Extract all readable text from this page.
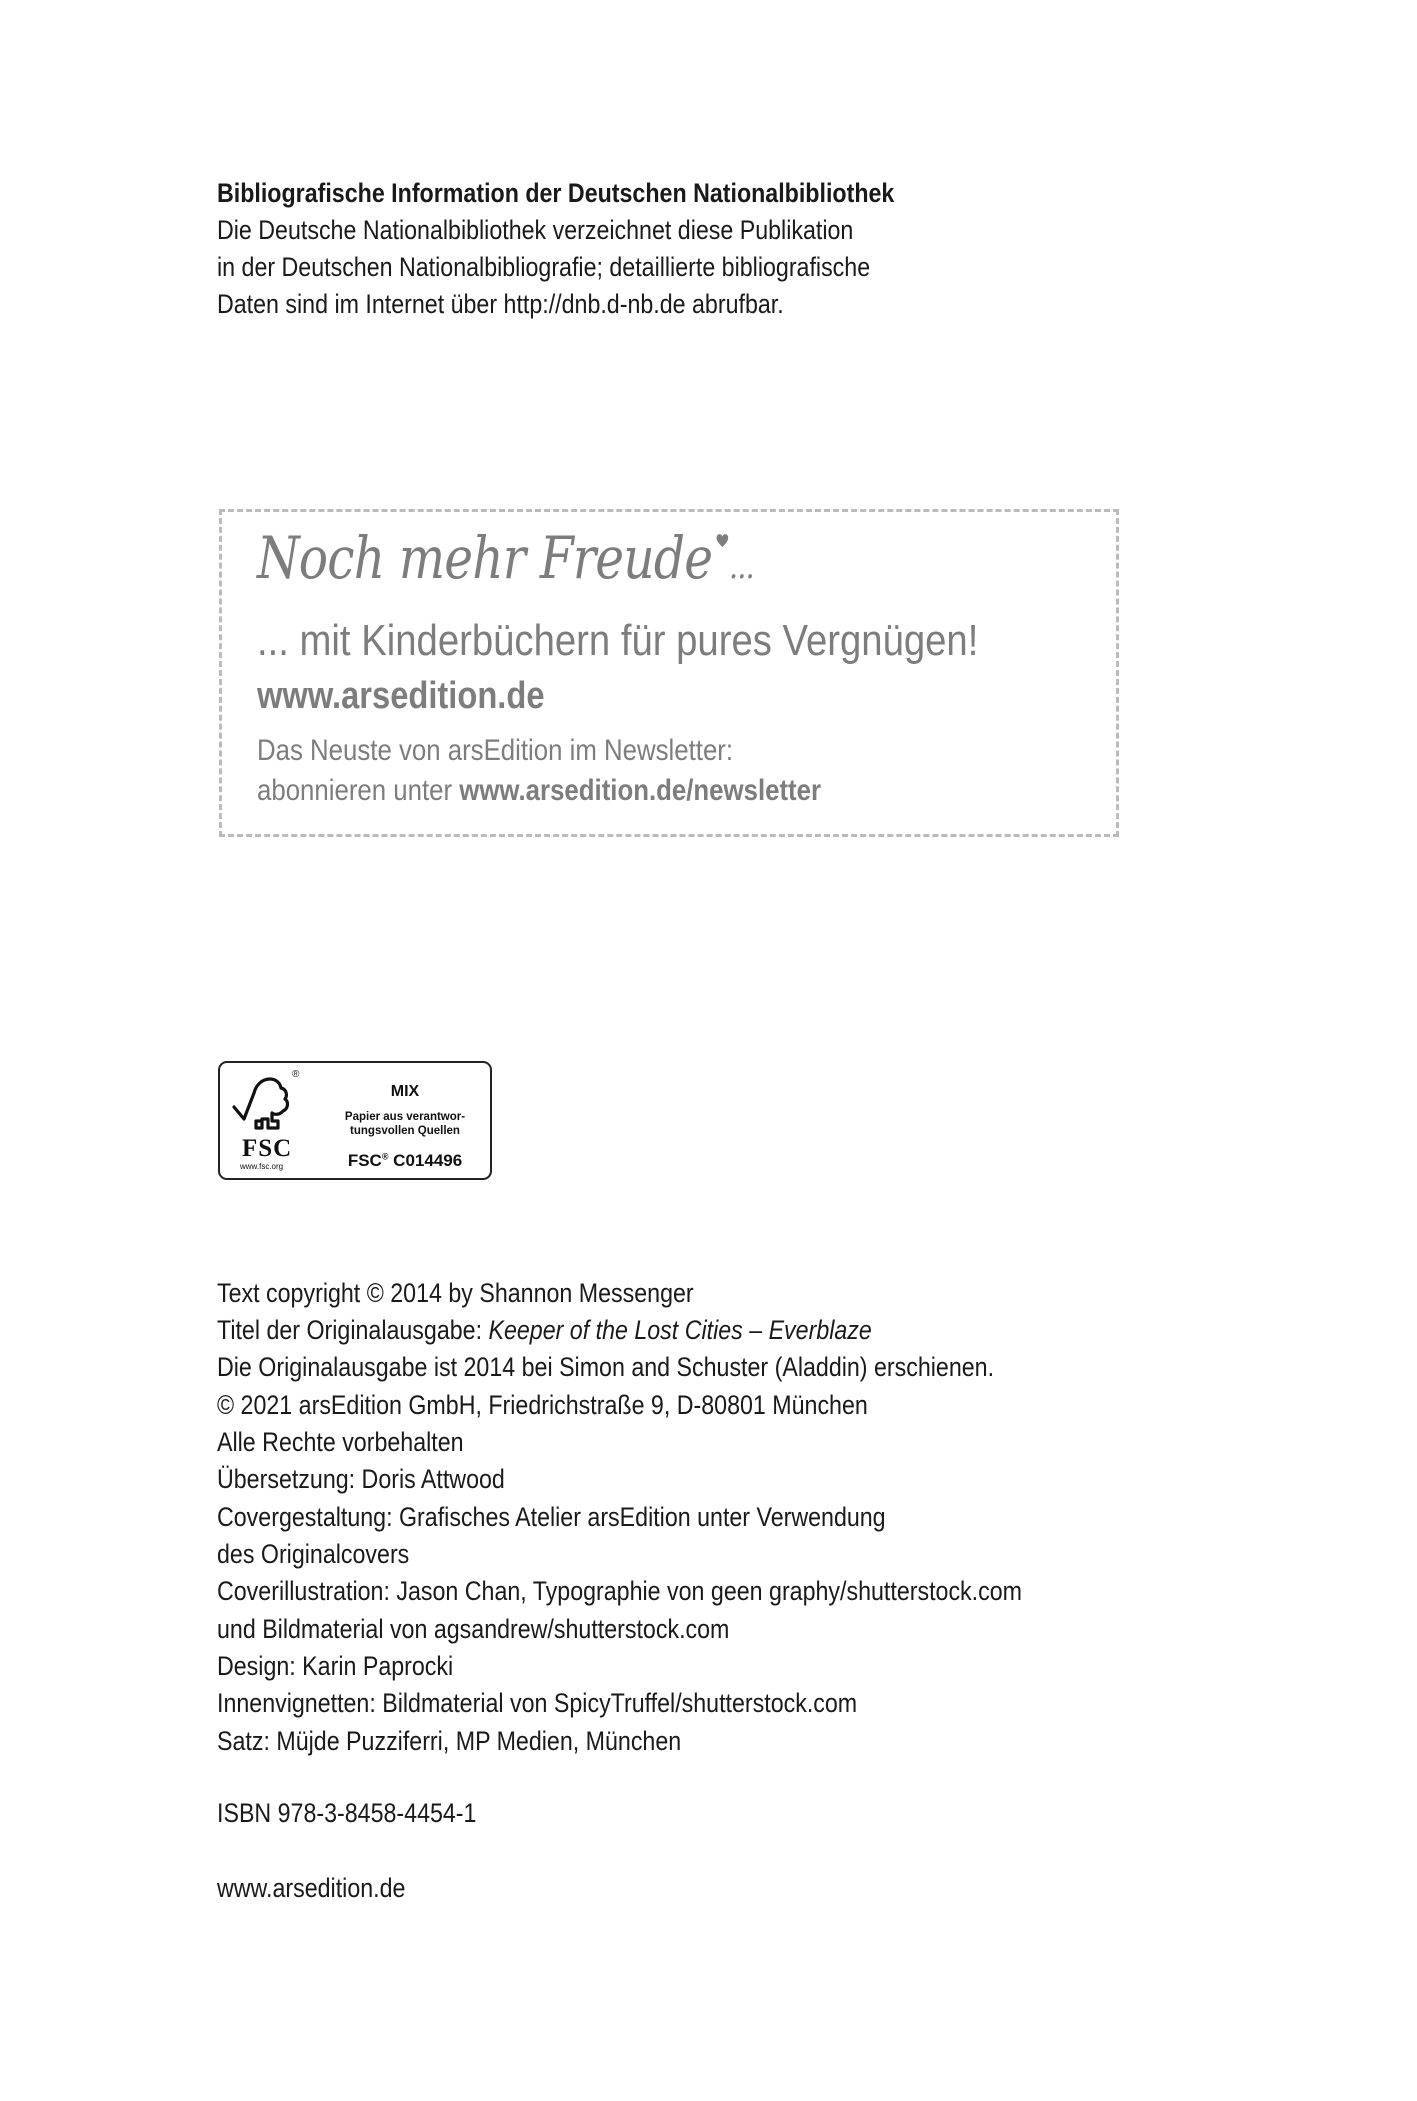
Bibliografische Information der Deutschen Nationalbibliothek
Die Deutsche Nationalbibliothek verzeichnet diese Publikation
in der Deutschen Nationalbibliografie; detaillierte bibliografische
Daten sind im Internet über http://dnb.d-nb.de abrufbar.
Noch mehr Freude ...
... mit Kinderbüchern für pures Vergnügen!
www.arsedition.de
Das Neuste von arsEdition im Newsletter:
abonnieren unter www.arsedition.de/newsletter
®
FSC
www.fsc.org
MIX
Papier aus verantwor-
tungsvollen Quellen
FSC® C014496
Text copyright © 2014 by Shannon Messenger
Titel der Originalausgabe: Keeper of the Lost Cities – Everblaze
Die Originalausgabe ist 2014 bei Simon and Schuster (Aladdin) erschienen.
© 2021 arsEdition GmbH, Friedrichstraße 9, D-80801 München
Alle Rechte vorbehalten
Übersetzung: Doris Attwood
Covergestaltung: Grafisches Atelier arsEdition unter Verwendung
des Originalcovers
Coverillustration: Jason Chan, Typographie von geen graphy/shutterstock.com
und Bildmaterial von agsandrew/shutterstock.com
Design: Karin Paprocki
Innenvignetten: Bildmaterial von SpicyTruffel/shutterstock.com
Satz: Müjde Puzziferri, MP Medien, München
ISBN 978-3-8458-4454-1
www.arsedition.de
